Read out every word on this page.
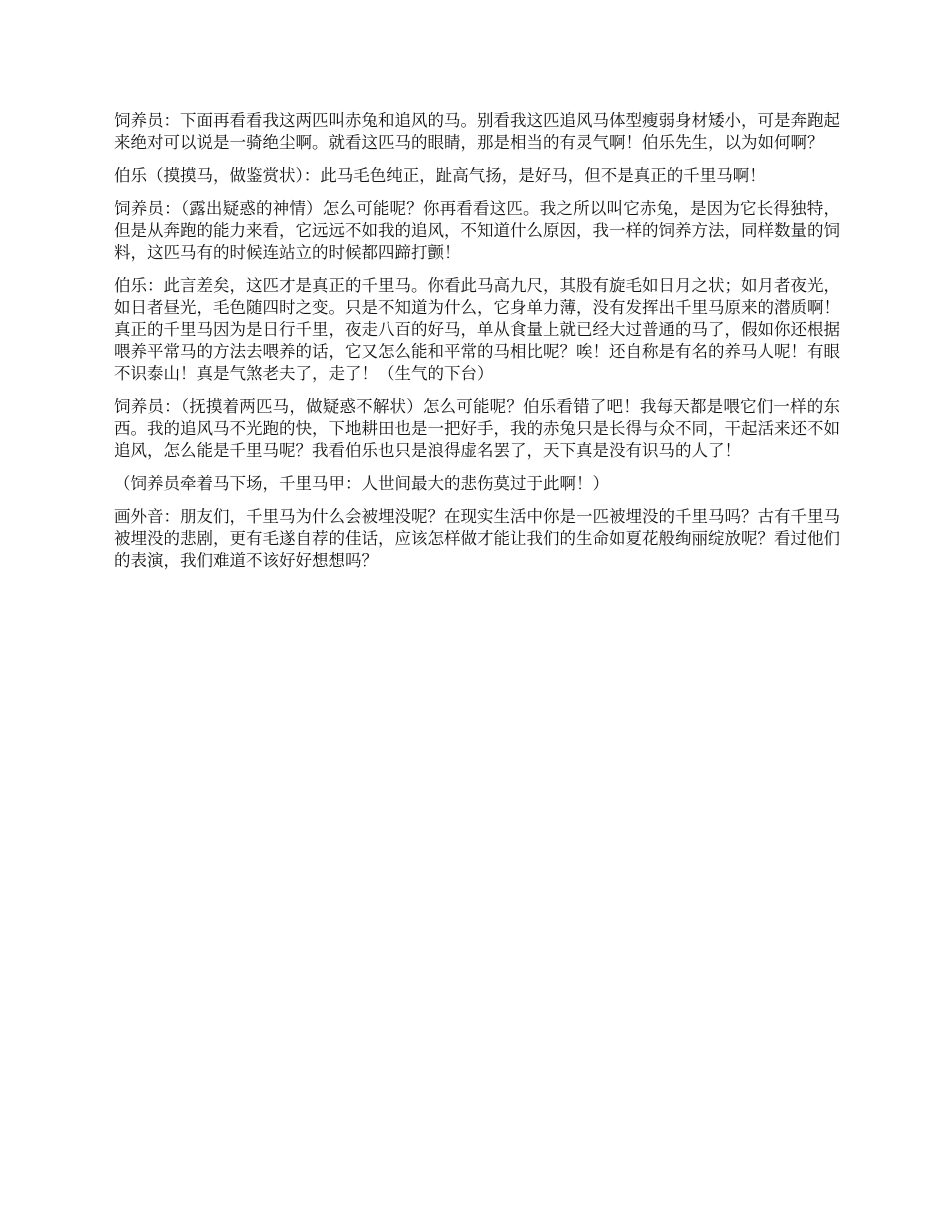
饲养员：下面再看看我这两匹叫赤兔和追风的马。别看我这匹追风马体型瘦弱身材矮小，可是奔跑起来绝对可以说是一骑绝尘啊。就看这匹马的眼睛，那是相当的有灵气啊！伯乐先生，以为如何啊？

伯乐（摸摸马，做鉴赏状）：此马毛色纯正，趾高气扬，是好马，但不是真正的千里马啊！

饲养员：（露出疑惑的神情）怎么可能呢？你再看看这匹。我之所以叫它赤兔，是因为它长得独特，但是从奔跑的能力来看，它远远不如我的追风，不知道什么原因，我一样的饲养方法，同样数量的饲料，这匹马有的时候连站立的时候都四蹄打颤！

伯乐：此言差矣，这匹才是真正的千里马。你看此马高九尺，其股有旋毛如日月之状；如月者夜光，如日者昼光，毛色随四时之变。只是不知道为什么，它身单力薄，没有发挥出千里马原来的潜质啊！真正的千里马因为是日行千里，夜走八百的好马，单从食量上就已经大过普通的马了，假如你还根据喂养平常马的方法去喂养的话，它又怎么能和平常的马相比呢？唉！还自称是有名的养马人呢！有眼不识泰山！真是气煞老夫了，走了！（生气的下台）

饲养员：（抚摸着两匹马，做疑惑不解状）怎么可能呢？伯乐看错了吧！我每天都是喂它们一样的东西。我的追风马不光跑的快，下地耕田也是一把好手，我的赤兔只是长得与众不同，干起活来还不如追风，怎么能是千里马呢？我看伯乐也只是浪得虚名罢了，天下真是没有识马的人了！

（饲养员牵着马下场，千里马甲：人世间最大的悲伤莫过于此啊！）

画外音：朋友们，千里马为什么会被埋没呢？在现实生活中你是一匹被埋没的千里马吗？古有千里马被埋没的悲剧，更有毛遂自荐的佳话，应该怎样做才能让我们的生命如夏花般绚丽绽放呢？看过他们的表演，我们难道不该好好想想吗？
